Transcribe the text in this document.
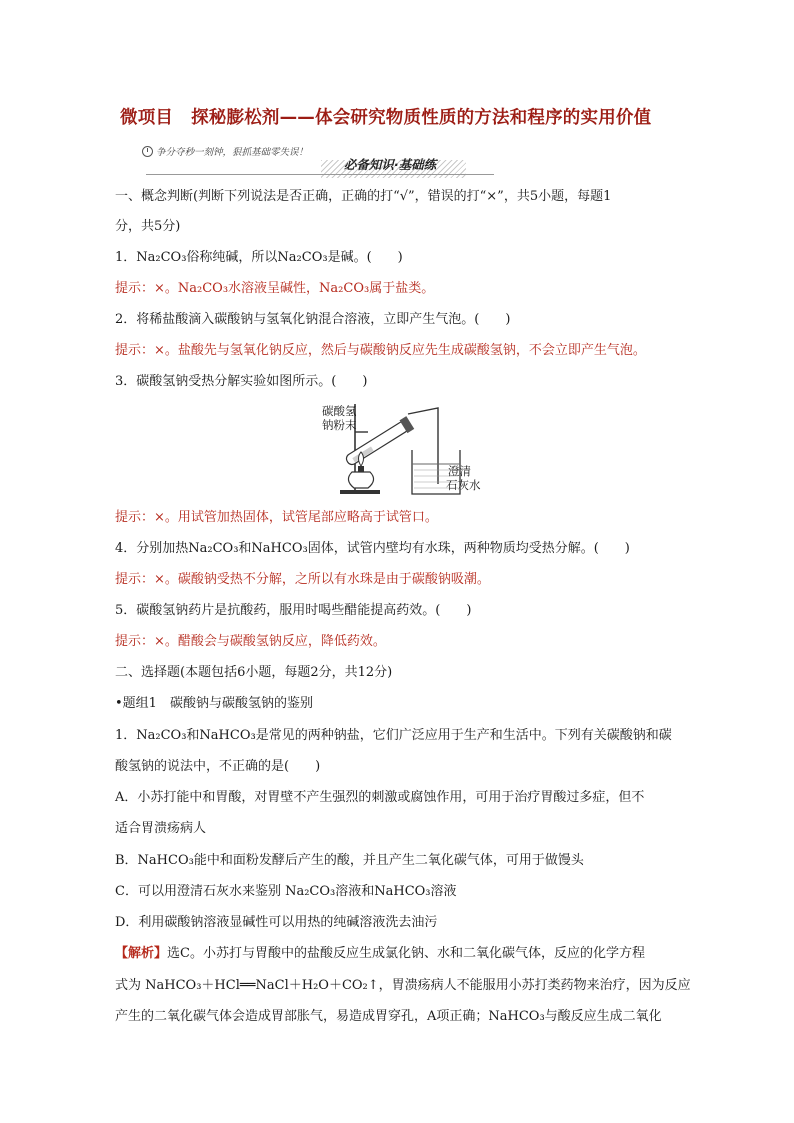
微项目 探秘膨松剂——体会研究物质性质的方法和程序的实用价值
争分夺秒一刻钟，狠抓基础零失误！
必备知识·基础练
一、概念判断(判断下列说法是否正确，正确的打“√”，错误的打“×”，共5小题，每题1
分，共5分)
1．Na₂CO₃俗称纯碱，所以Na₂CO₃是碱。(　　)
提示：×。Na₂CO₃水溶液呈碱性，Na₂CO₃属于盐类。
2．将稀盐酸滴入碳酸钠与氢氧化钠混合溶液，立即产生气泡。(　　)
提示：×。盐酸先与氢氧化钠反应，然后与碳酸钠反应先生成碳酸氢钠，不会立即产生气泡。
3．碳酸氢钠受热分解实验如图所示。(　　)
碳酸氢
钠粉末
澄清
石灰水
提示：×。用试管加热固体，试管尾部应略高于试管口。
4．分别加热Na₂CO₃和NaHCO₃固体，试管内壁均有水珠，两种物质均受热分解。(　　)
提示：×。碳酸钠受热不分解，之所以有水珠是由于碳酸钠吸潮。
5．碳酸氢钠药片是抗酸药，服用时喝些醋能提高药效。(　　)
提示：×。醋酸会与碳酸氢钠反应，降低药效。
二、选择题(本题包括6小题，每题2分，共12分)
•题组1　碳酸钠与碳酸氢钠的鉴别
1．Na₂CO₃和NaHCO₃是常见的两种钠盐，它们广泛应用于生产和生活中。下列有关碳酸钠和碳
酸氢钠的说法中，不正确的是(　　)
A．小苏打能中和胃酸，对胃壁不产生强烈的刺激或腐蚀作用，可用于治疗胃酸过多症，但不
适合胃溃疡病人
B．NaHCO₃能中和面粉发酵后产生的酸，并且产生二氧化碳气体，可用于做馒头
C．可以用澄清石灰水来鉴别 Na₂CO₃溶液和NaHCO₃溶液
D．利用碳酸钠溶液显碱性可以用热的纯碱溶液洗去油污
【解析】选C。小苏打与胃酸中的盐酸反应生成氯化钠、水和二氧化碳气体，反应的化学方程
式为 NaHCO₃＋HCl══NaCl＋H₂O＋CO₂↑，胃溃疡病人不能服用小苏打类药物来治疗，因为反应
产生的二氧化碳气体会造成胃部胀气，易造成胃穿孔，A项正确；NaHCO₃与酸反应生成二氧化
